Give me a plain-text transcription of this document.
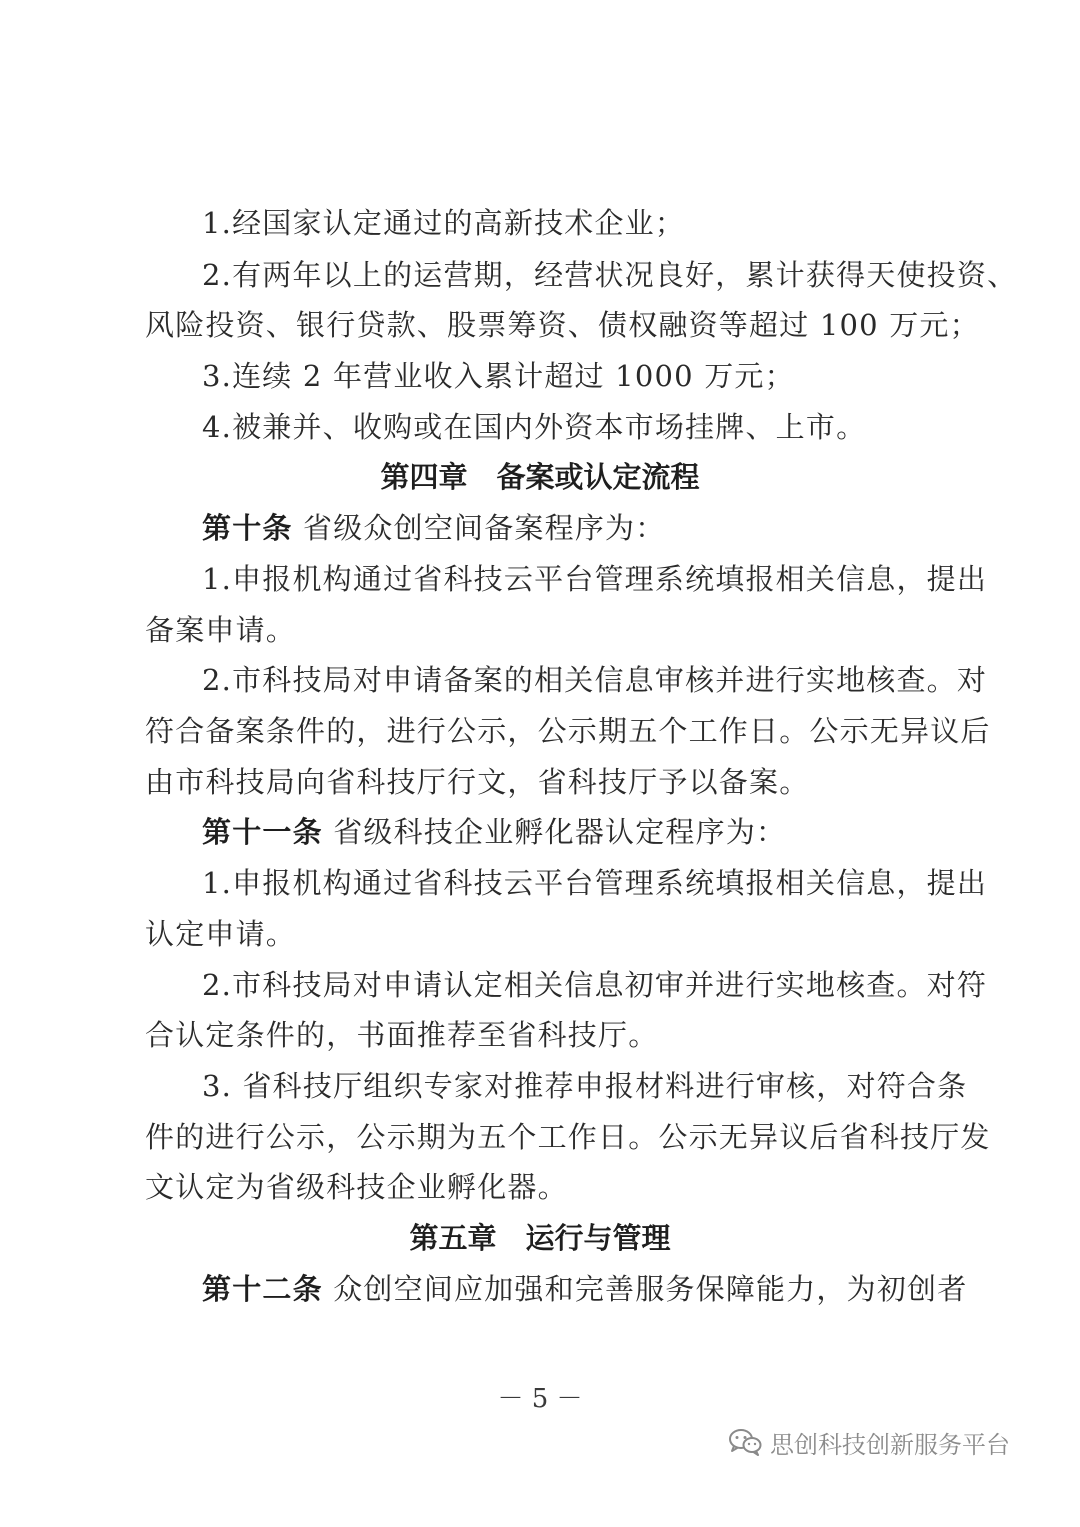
1.经国家认定通过的高新技术企业；
2.有两年以上的运营期，经营状况良好，累计获得天使投资、
风险投资、银行贷款、股票筹资、债权融资等超过 100 万元；
3.连续 2 年营业收入累计超过 1000 万元；
4.被兼并、收购或在国内外资本市场挂牌、上市。
第四章　备案或认定流程
第十条 省级众创空间备案程序为：
1.申报机构通过省科技云平台管理系统填报相关信息，提出
备案申请。
2.市科技局对申请备案的相关信息审核并进行实地核查。对
符合备案条件的，进行公示，公示期五个工作日。公示无异议后
由市科技局向省科技厅行文，省科技厅予以备案。
第十一条 省级科技企业孵化器认定程序为：
1.申报机构通过省科技云平台管理系统填报相关信息，提出
认定申请。
2.市科技局对申请认定相关信息初审并进行实地核查。对符
合认定条件的，书面推荐至省科技厅。
3. 省科技厅组织专家对推荐申报材料进行审核，对符合条
件的进行公示，公示期为五个工作日。公示无异议后省科技厅发
文认定为省级科技企业孵化器。
第五章　运行与管理
第十二条 众创空间应加强和完善服务保障能力，为初创者
－ 5 －
思创科技创新服务平台
